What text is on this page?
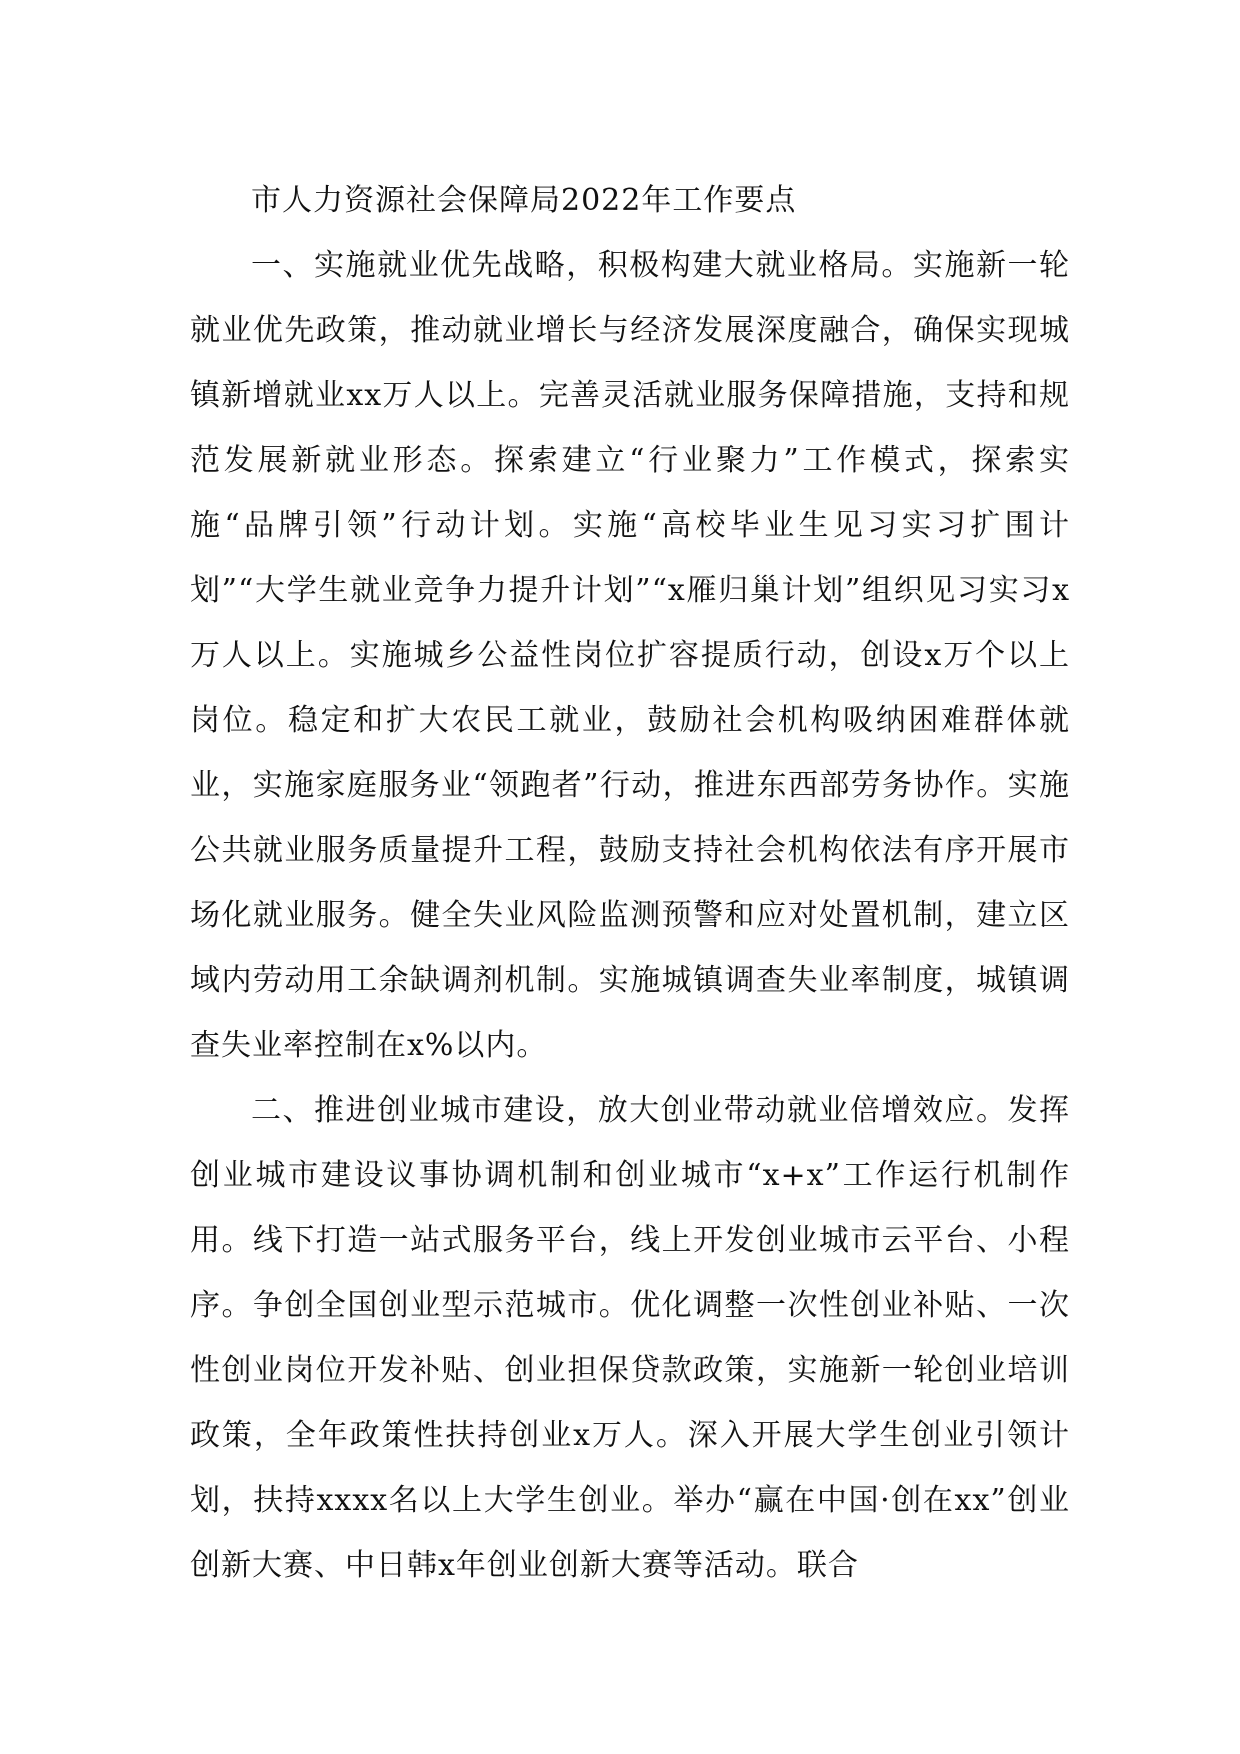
市人力资源社会保障局2022年工作要点

一、实施就业优先战略，积极构建大就业格局。实施新一轮就业优先政策，推动就业增长与经济发展深度融合，确保实现城镇新增就业xx万人以上。完善灵活就业服务保障措施，支持和规范发展新就业形态。探索建立“行业聚力”工作模式，探索实施“品牌引领”行动计划。实施“高校毕业生见习实习扩围计划”“大学生就业竞争力提升计划”“x雁归巢计划”组织见习实习x万人以上。实施城乡公益性岗位扩容提质行动，创设x万个以上岗位。稳定和扩大农民工就业，鼓励社会机构吸纳困难群体就业，实施家庭服务业“领跑者”行动，推进东西部劳务协作。实施公共就业服务质量提升工程，鼓励支持社会机构依法有序开展市场化就业服务。健全失业风险监测预警和应对处置机制，建立区域内劳动用工余缺调剂机制。实施城镇调查失业率制度，城镇调查失业率控制在x%以内。

二、推进创业城市建设，放大创业带动就业倍增效应。发挥创业城市建设议事协调机制和创业城市“x+x”工作运行机制作用。线下打造一站式服务平台，线上开发创业城市云平台、小程序。争创全国创业型示范城市。优化调整一次性创业补贴、一次性创业岗位开发补贴、创业担保贷款政策，实施新一轮创业培训政策，全年政策性扶持创业x万人。深入开展大学生创业引领计划，扶持xxxx名以上大学生创业。举办“赢在中国·创在xx”创业创新大赛、中日韩x年创业创新大赛等活动。联合
